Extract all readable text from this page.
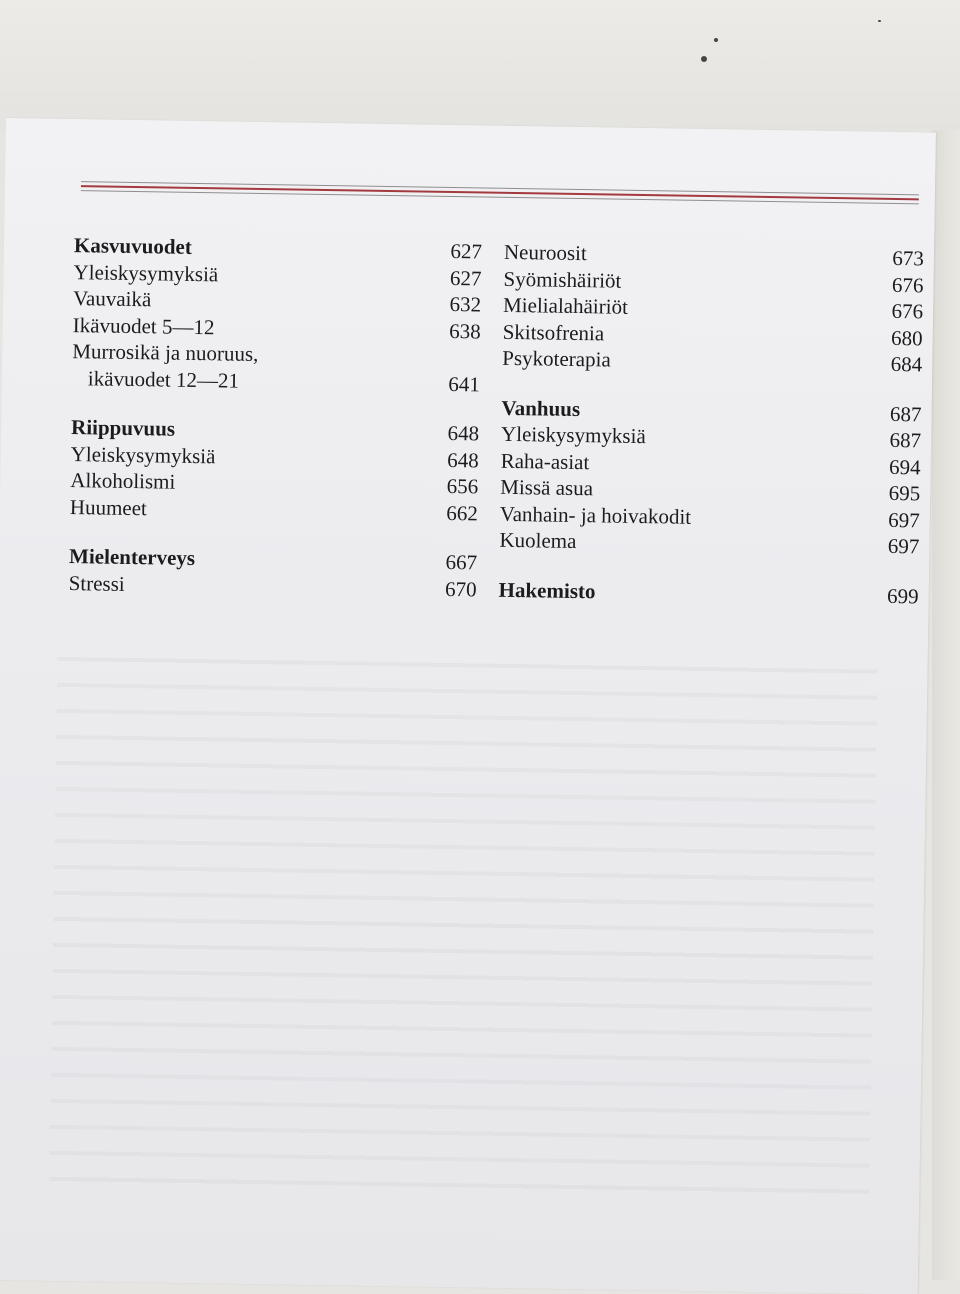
Kasvuvuodet	627
Yleiskysymyksiä	627
Vauvaikä	632
Ikävuodet 5—12	638
Murrosikä ja nuoruus,
ikävuodet 12—21	641
Riippuvuus	648
Yleiskysymyksiä	648
Alkoholismi	656
Huumeet	662
Mielenterveys	667
Stressi	670
Neuroosit	673
Syömishäiriöt	676
Mielialahäiriöt	676
Skitsofrenia	680
Psykoterapia	684
Vanhuus	687
Yleiskysymyksiä	687
Raha-asiat	694
Missä asua	695
Vanhain- ja hoivakodit	697
Kuolema	697
Hakemisto	699
